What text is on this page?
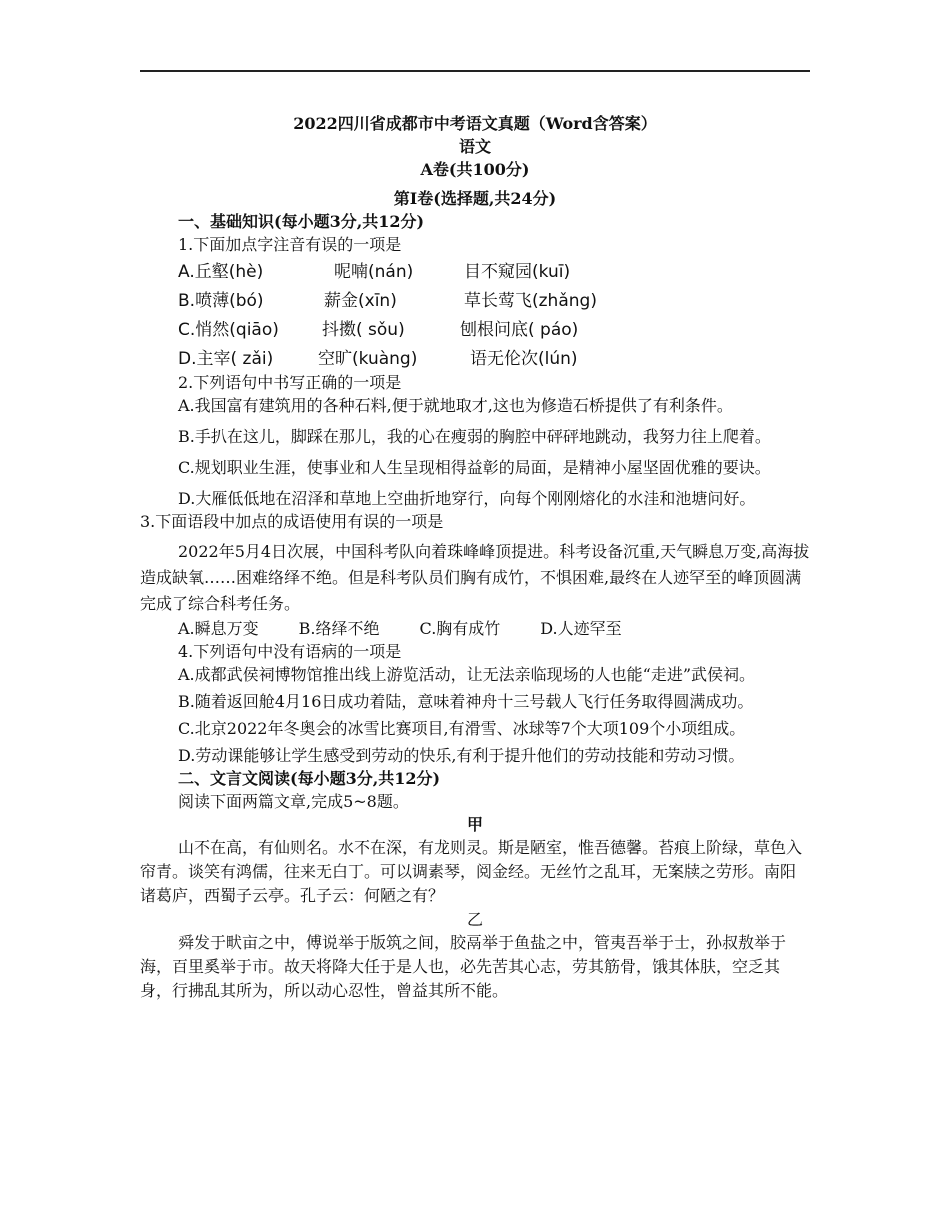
2022四川省成都市中考语文真题（Word含答案）

语文

A卷(共100分)

第Ⅰ卷(选择题,共24分)

一、基础知识(每小题3分,共12分)

1.下面加点字注音有误的一项是

A.丘壑(hè)	呢喃(nán)	目不窥园(kuī)
B.喷薄(bó)	薪金(xīn)	草长莺飞(zhǎng)
C.悄然(qiāo)	抖擞( sǒu)	刨根问底( páo)
D.主宰( zǎi)	空旷(kuàng)	语无伦次(lún)

2.下列语句中书写正确的一项是

A.我国富有建筑用的各种石料,便于就地取才,这也为修造石桥提供了有利条件。

B.手扒在这儿，脚踩在那儿，我的心在瘦弱的胸腔中砰砰地跳动，我努力往上爬着。

C.规划职业生涯，使事业和人生呈现相得益彰的局面，是精神小屋坚固优雅的要诀。

D.大雁低低地在沼泽和草地上空曲折地穿行，向每个刚刚熔化的水洼和池塘问好。

3.下面语段中加点的成语使用有误的一项是

2022年5月4日次展，中国科考队向着珠峰峰顶提进。科考设备沉重,天气瞬息万变,高海拔造成缺氧……困难络绎不绝。但是科考队员们胸有成竹，不惧困难,最终在人迹罕至的峰顶圆满完成了综合科考任务。

A.瞬息万变	B.络绎不绝	C.胸有成竹	D.人迹罕至

4.下列语句中没有语病的一项是

A.成都武侯祠博物馆推出线上游览活动，让无法亲临现场的人也能“走进”武侯祠。

B.随着返回舱4月16日成功着陆，意味着神舟十三号载人飞行任务取得圆满成功。

C.北京2022年冬奥会的冰雪比赛项目,有滑雪、冰球等7个大项109个小项组成。

D.劳动课能够让学生感受到劳动的快乐,有利于提升他们的劳动技能和劳动习惯。

二、文言文阅读(每小题3分,共12分)

阅读下面两篇文章,完成5~8题。

甲

山不在高，有仙则名。水不在深，有龙则灵。斯是陋室，惟吾德馨。苔痕上阶绿，草色入帘青。谈笑有鸿儒，往来无白丁。可以调素琴，阅金经。无丝竹之乱耳，无案牍之劳形。南阳诸葛庐，西蜀子云亭。孔子云：何陋之有？

乙

舜发于畎亩之中，傅说举于版筑之间，胶鬲举于鱼盐之中，管夷吾举于士，孙叔敖举于海，百里奚举于市。故天将降大任于是人也，必先苦其心志，劳其筋骨，饿其体肤，空乏其身，行拂乱其所为，所以动心忍性，曾益其所不能。
